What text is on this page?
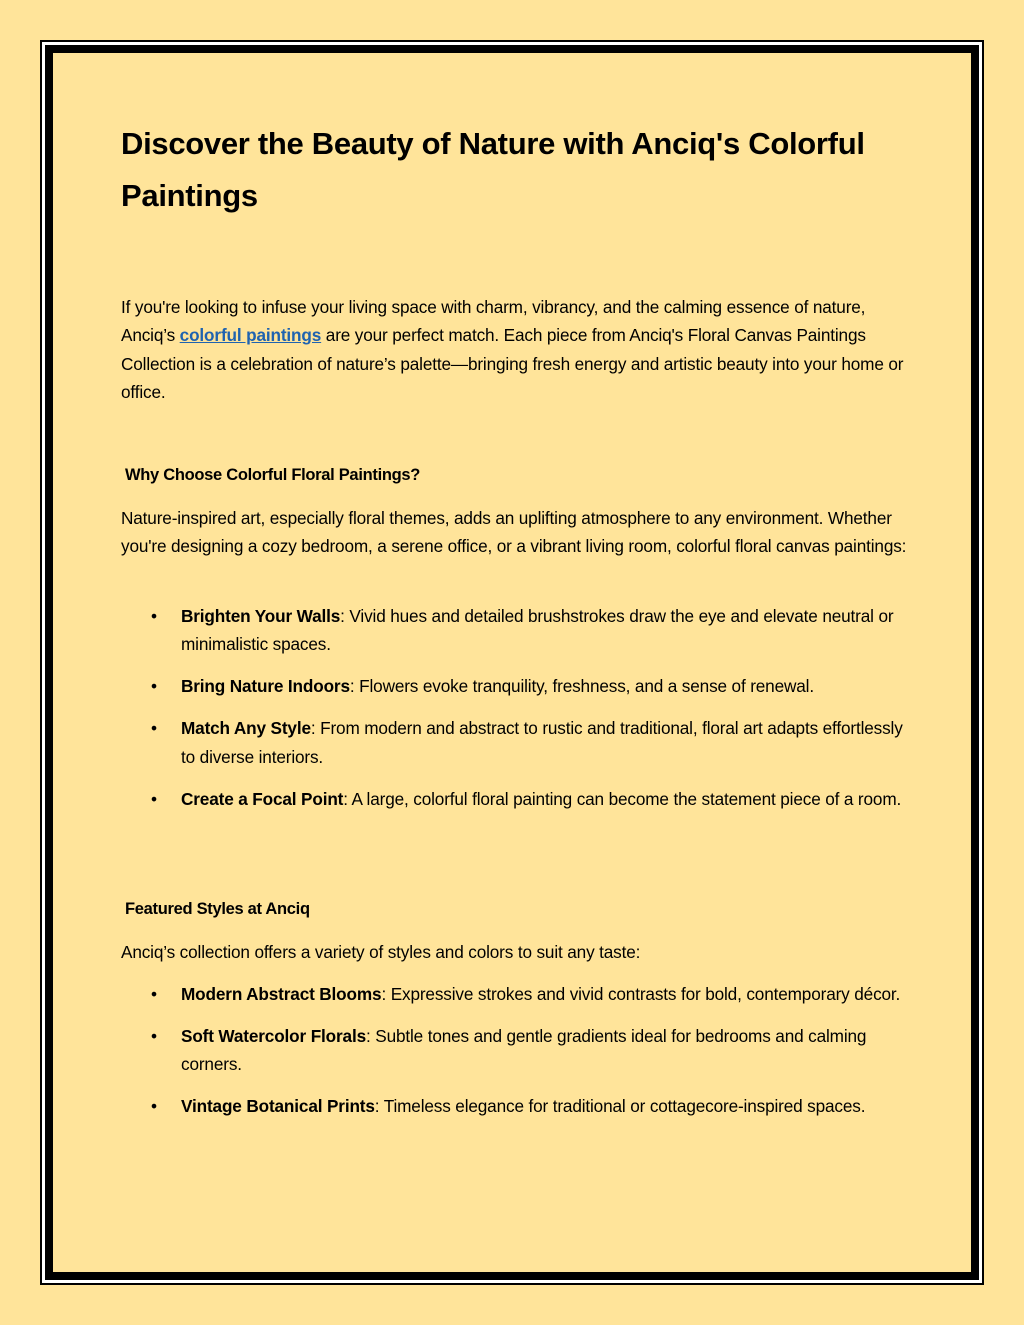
Discover the Beauty of Nature with Anciq's Colorful Paintings

If you're looking to infuse your living space with charm, vibrancy, and the calming essence of nature, Anciq’s colorful paintings are your perfect match. Each piece from Anciq's Floral Canvas Paintings Collection is a celebration of nature’s palette—bringing fresh energy and artistic beauty into your home or office.

Why Choose Colorful Floral Paintings?

Nature-inspired art, especially floral themes, adds an uplifting atmosphere to any environment. Whether you're designing a cozy bedroom, a serene office, or a vibrant living room, colorful floral canvas paintings:

• Brighten Your Walls: Vivid hues and detailed brushstrokes draw the eye and elevate neutral or minimalistic spaces.
• Bring Nature Indoors: Flowers evoke tranquility, freshness, and a sense of renewal.
• Match Any Style: From modern and abstract to rustic and traditional, floral art adapts effortlessly to diverse interiors.
• Create a Focal Point: A large, colorful floral painting can become the statement piece of a room.
Featured Styles at Anciq

Anciq’s collection offers a variety of styles and colors to suit any taste:

• Modern Abstract Blooms: Expressive strokes and vivid contrasts for bold, contemporary décor.
• Soft Watercolor Florals: Subtle tones and gentle gradients ideal for bedrooms and calming corners.
• Vintage Botanical Prints: Timeless elegance for traditional or cottagecore-inspired spaces.
